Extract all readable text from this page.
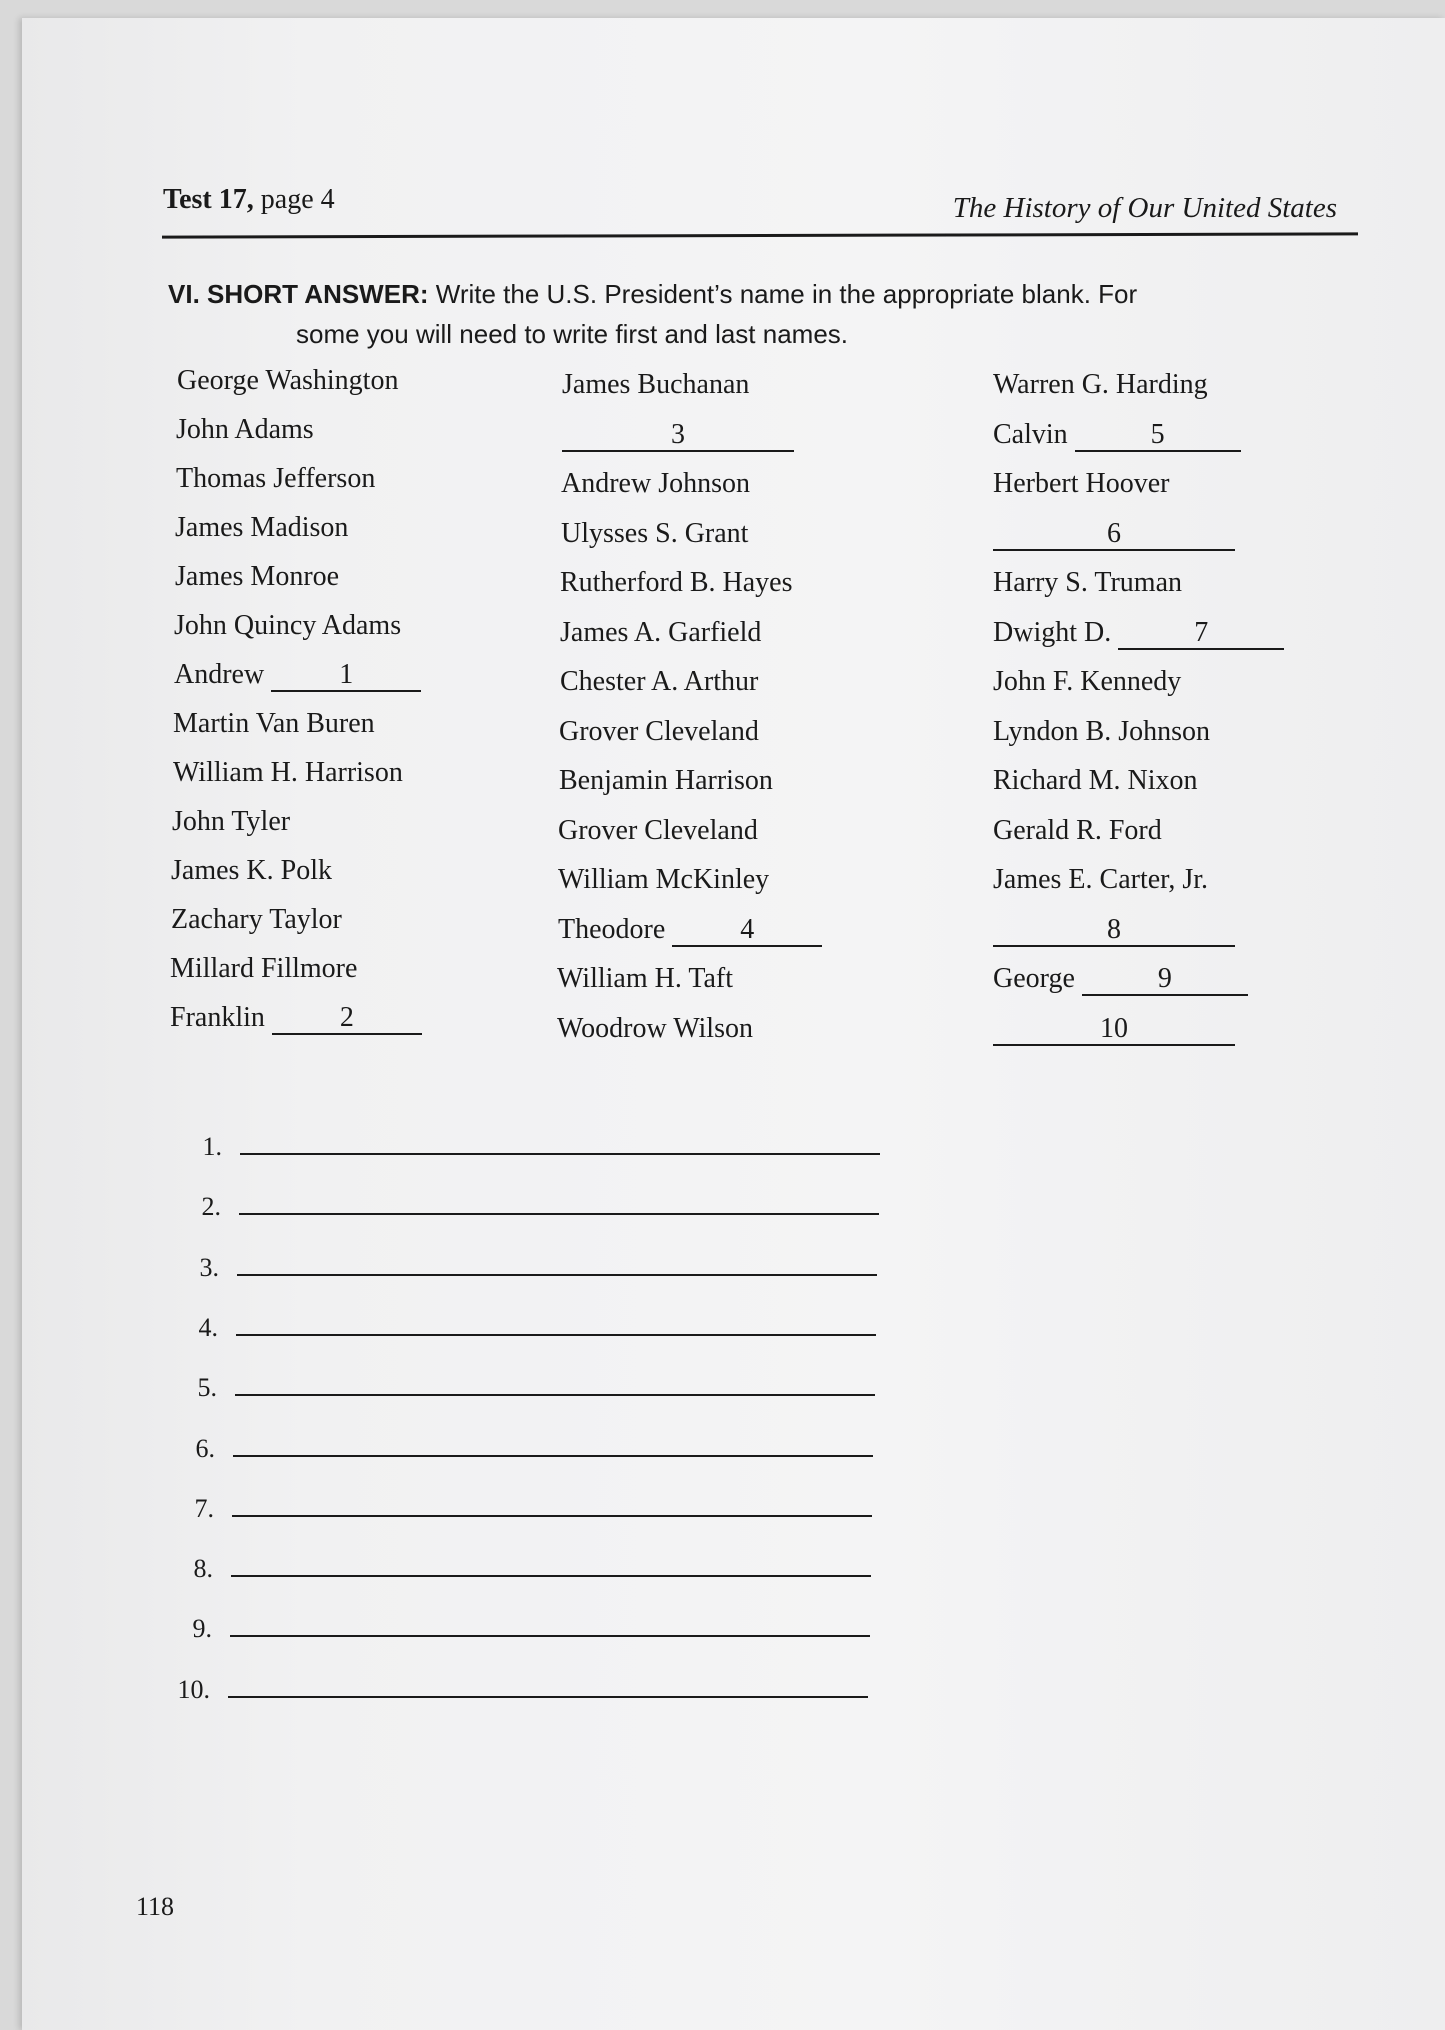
Test 17, page 4	The History of Our United States
VI. SHORT ANSWER: Write the U.S. President’s name in the appropriate blank. For
some you will need to write first and last names.
George Washington
John Adams
Thomas Jefferson
James Madison
James Monroe
John Quincy Adams
Andrew	1
Martin Van Buren
William H. Harrison
John Tyler
James K. Polk
Zachary Taylor
Millard Fillmore
Franklin	2
James Buchanan
3
Andrew Johnson
Ulysses S. Grant
Rutherford B. Hayes
James A. Garfield
Chester A. Arthur
Grover Cleveland
Benjamin Harrison
Grover Cleveland
William McKinley
Theodore	4
William H. Taft
Woodrow Wilson
Warren G. Harding
Calvin	5
Herbert Hoover
6
Harry S. Truman
Dwight D.	7
John F. Kennedy
Lyndon B. Johnson
Richard M. Nixon
Gerald R. Ford
James E. Carter, Jr.
8
George	9
10
1.
2.
3.
4.
5.
6.
7.
8.
9.
10.
118
